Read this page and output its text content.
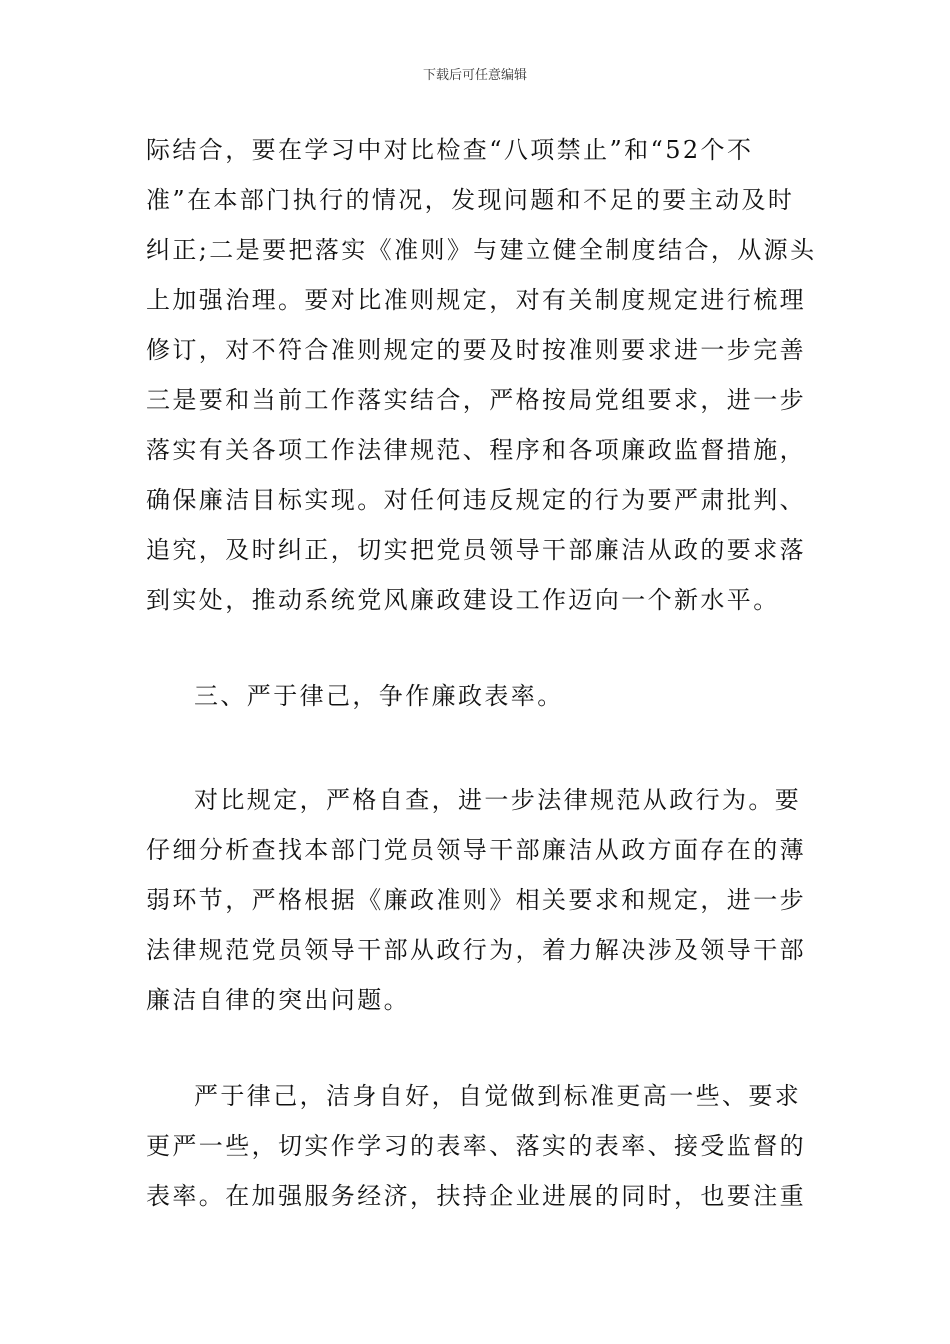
下载后可任意编辑
际结合，要在学习中对比检查“八项禁止”和“52个不
准”在本部门执行的情况，发现问题和不足的要主动及时
纠正;二是要把落实《准则》与建立健全制度结合，从源头
上加强治理。要对比准则规定，对有关制度规定进行梳理
修订，对不符合准则规定的要及时按准则要求进一步完善
三是要和当前工作落实结合，严格按局党组要求，进一步
落实有关各项工作法律规范、程序和各项廉政监督措施，
确保廉洁目标实现。对任何违反规定的行为要严肃批判、
追究，及时纠正，切实把党员领导干部廉洁从政的要求落
到实处，推动系统党风廉政建设工作迈向一个新水平。
三、严于律己，争作廉政表率。
对比规定，严格自查，进一步法律规范从政行为。要
仔细分析查找本部门党员领导干部廉洁从政方面存在的薄
弱环节，严格根据《廉政准则》相关要求和规定，进一步
法律规范党员领导干部从政行为，着力解决涉及领导干部
廉洁自律的突出问题。
严于律己，洁身自好，自觉做到标准更高一些、要求
更严一些，切实作学习的表率、落实的表率、接受监督的
表率。在加强服务经济，扶持企业进展的同时，也要注重
